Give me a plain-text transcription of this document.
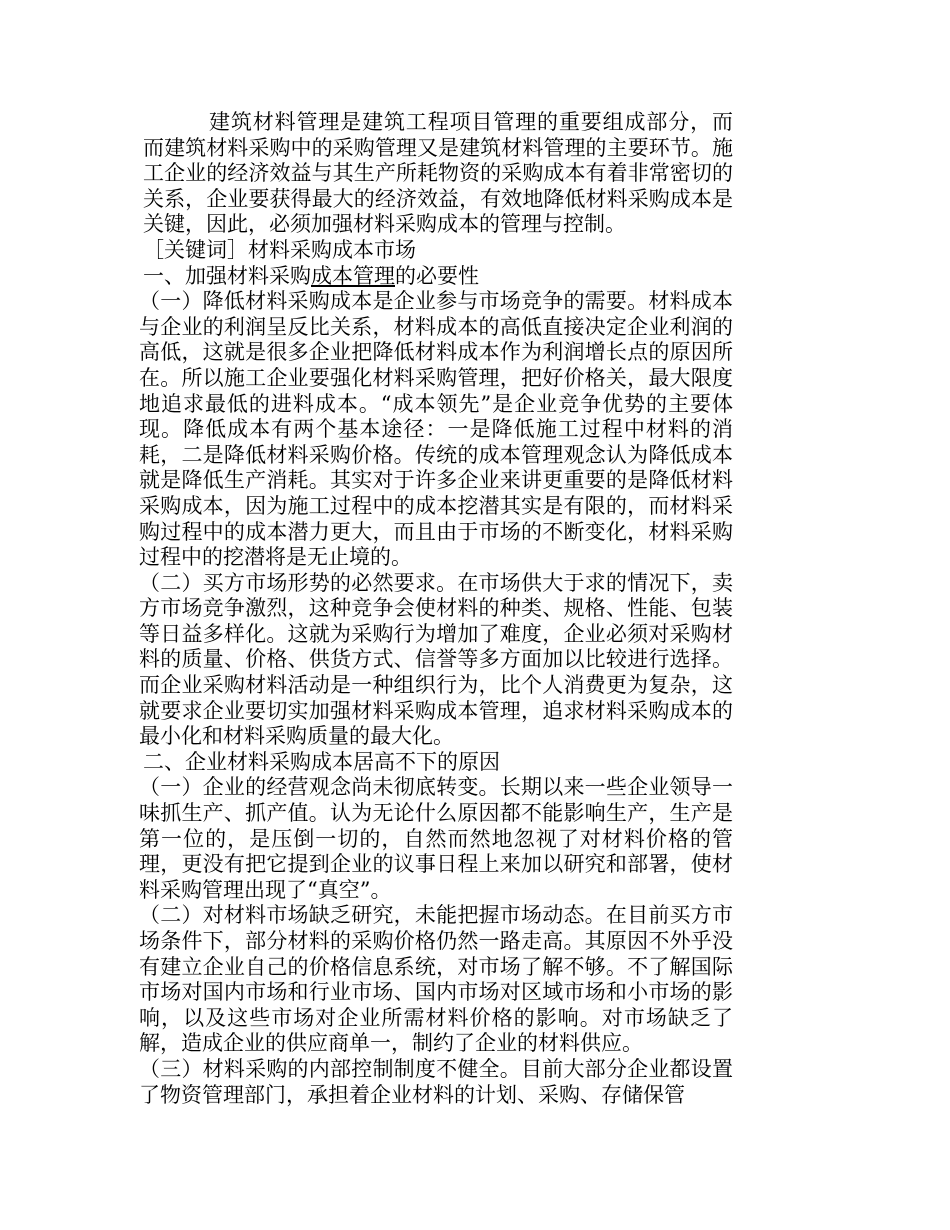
建筑材料管理是建筑工程项目管理的重要组成部分，而而建筑材料采购中的采购管理又是建筑材料管理的主要环节。施工企业的经济效益与其生产所耗物资的采购成本有着非常密切的关系，企业要获得最大的经济效益，有效地降低材料采购成本是关键，因此，必须加强材料采购成本的管理与控制。

［关键词］材料采购成本市场

一、加强材料采购成本管理的必要性

（一）降低材料采购成本是企业参与市场竞争的需要。材料成本与企业的利润呈反比关系，材料成本的高低直接决定企业利润的高低，这就是很多企业把降低材料成本作为利润增长点的原因所在。所以施工企业要强化材料采购管理，把好价格关，最大限度地追求最低的进料成本。“成本领先”是企业竞争优势的主要体现。降低成本有两个基本途径：一是降低施工过程中材料的消耗，二是降低材料采购价格。传统的成本管理观念认为降低成本就是降低生产消耗。其实对于许多企业来讲更重要的是降低材料采购成本，因为施工过程中的成本挖潜其实是有限的，而材料采购过程中的成本潜力更大，而且由于市场的不断变化，材料采购过程中的挖潜将是无止境的。

（二）买方市场形势的必然要求。在市场供大于求的情况下，卖方市场竞争激烈，这种竞争会使材料的种类、规格、性能、包装等日益多样化。这就为采购行为增加了难度，企业必须对采购材料的质量、价格、供货方式、信誉等多方面加以比较进行选择。而企业采购材料活动是一种组织行为，比个人消费更为复杂，这就要求企业要切实加强材料采购成本管理，追求材料采购成本的最小化和材料采购质量的最大化。

二、企业材料采购成本居高不下的原因

（一）企业的经营观念尚未彻底转变。长期以来一些企业领导一味抓生产、抓产值。认为无论什么原因都不能影响生产，生产是第一位的，是压倒一切的，自然而然地忽视了对材料价格的管理，更没有把它提到企业的议事日程上来加以研究和部署，使材料采购管理出现了“真空”。

（二）对材料市场缺乏研究，未能把握市场动态。在目前买方市场条件下，部分材料的采购价格仍然一路走高。其原因不外乎没有建立企业自己的价格信息系统，对市场了解不够。不了解国际市场对国内市场和行业市场、国内市场对区域市场和小市场的影响，以及这些市场对企业所需材料价格的影响。对市场缺乏了解，造成企业的供应商单一，制约了企业的材料供应。

（三）材料采购的内部控制制度不健全。目前大部分企业都设置了物资管理部门，承担着企业材料的计划、采购、存储保管
